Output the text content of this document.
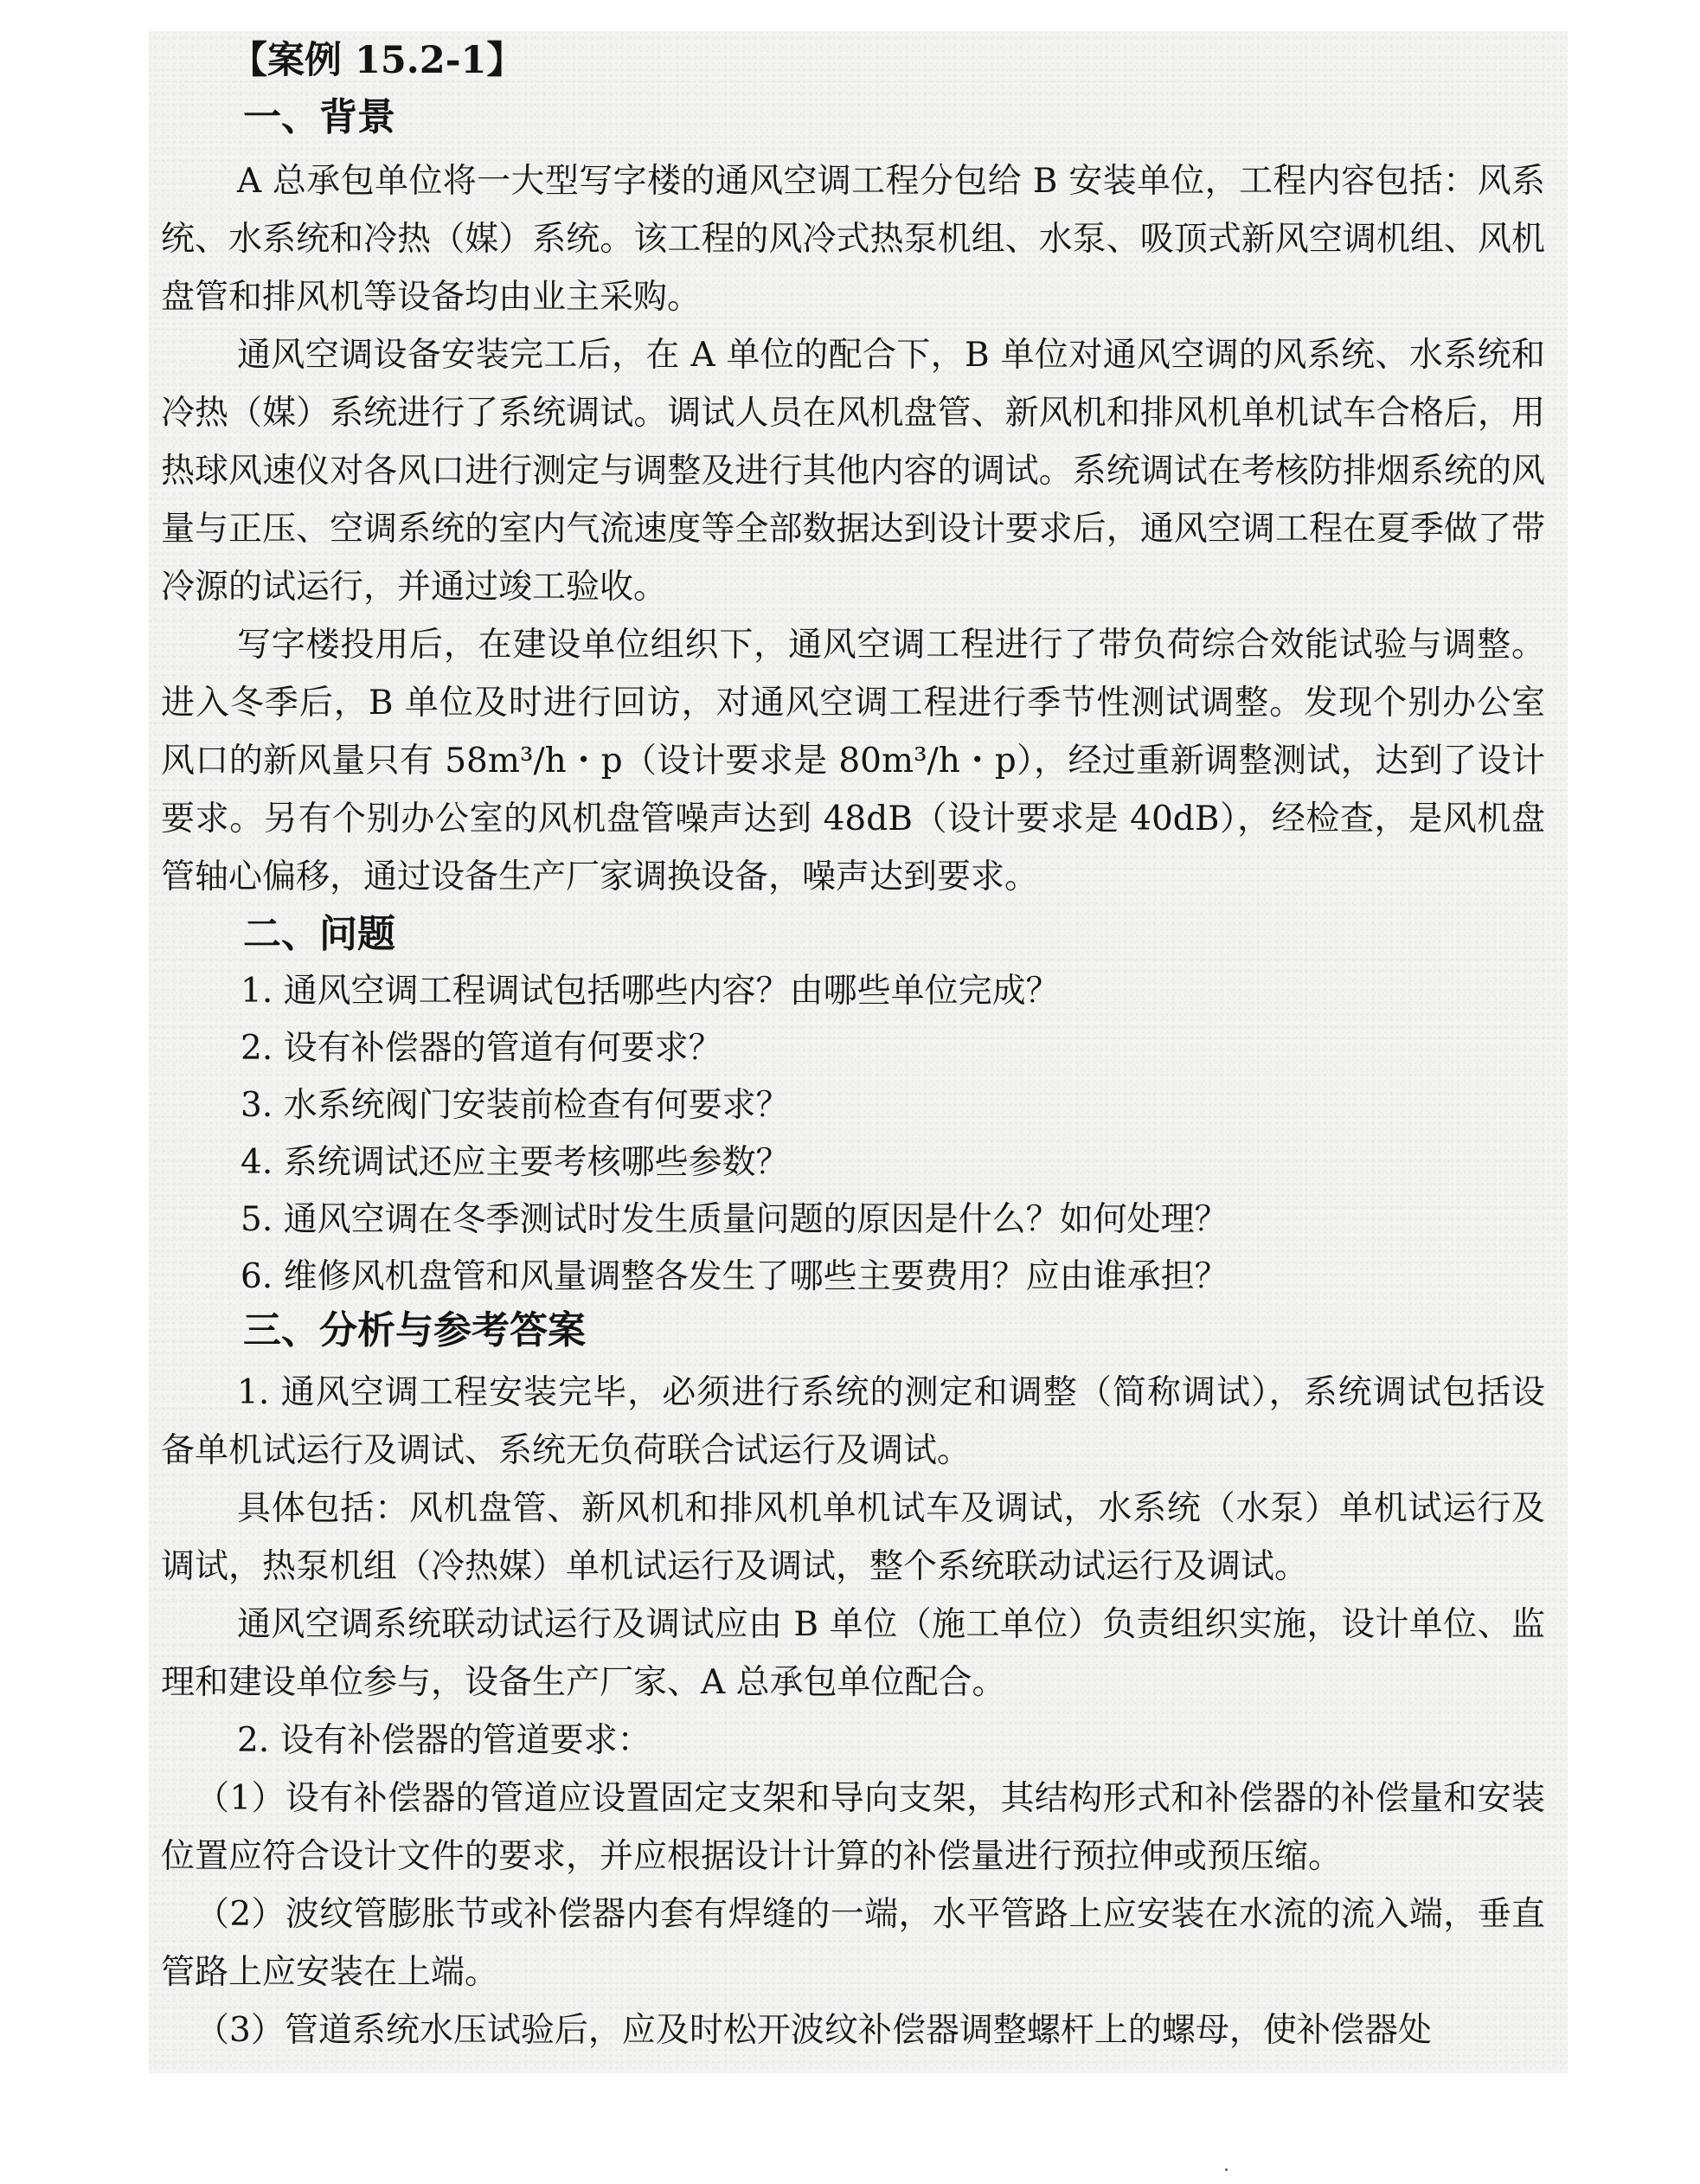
【案例 15.2-1】
一、背景

A 总承包单位将一大型写字楼的通风空调工程分包给 B 安装单位，工程内容包括：风系统、水系统和冷热（媒）系统。该工程的风冷式热泵机组、水泵、吸顶式新风空调机组、风机盘管和排风机等设备均由业主采购。

通风空调设备安装完工后，在 A 单位的配合下，B 单位对通风空调的风系统、水系统和冷热（媒）系统进行了系统调试。调试人员在风机盘管、新风机和排风机单机试车合格后，用热球风速仪对各风口进行测定与调整及进行其他内容的调试。系统调试在考核防排烟系统的风量与正压、空调系统的室内气流速度等全部数据达到设计要求后，通风空调工程在夏季做了带冷源的试运行，并通过竣工验收。

写字楼投用后，在建设单位组织下，通风空调工程进行了带负荷综合效能试验与调整。进入冬季后，B 单位及时进行回访，对通风空调工程进行季节性测试调整。发现个别办公室风口的新风量只有 58m³/h・p（设计要求是 80m³/h・p），经过重新调整测试，达到了设计要求。另有个别办公室的风机盘管噪声达到 48dB（设计要求是 40dB），经检查，是风机盘管轴心偏移，通过设备生产厂家调换设备，噪声达到要求。

二、问题

1. 通风空调工程调试包括哪些内容？由哪些单位完成？

2. 设有补偿器的管道有何要求？

3. 水系统阀门安装前检查有何要求？

4. 系统调试还应主要考核哪些参数？

5. 通风空调在冬季测试时发生质量问题的原因是什么？如何处理？

6. 维修风机盘管和风量调整各发生了哪些主要费用？应由谁承担？

三、分析与参考答案

1. 通风空调工程安装完毕，必须进行系统的测定和调整（简称调试），系统调试包括设备单机试运行及调试、系统无负荷联合试运行及调试。

具体包括：风机盘管、新风机和排风机单机试车及调试，水系统（水泵）单机试运行及调试，热泵机组（冷热媒）单机试运行及调试，整个系统联动试运行及调试。

通风空调系统联动试运行及调试应由 B 单位（施工单位）负责组织实施，设计单位、监理和建设单位参与，设备生产厂家、A 总承包单位配合。

2. 设有补偿器的管道要求：

（1）设有补偿器的管道应设置固定支架和导向支架，其结构形式和补偿器的补偿量和安装位置应符合设计文件的要求，并应根据设计计算的补偿量进行预拉伸或预压缩。

（2）波纹管膨胀节或补偿器内套有焊缝的一端，水平管路上应安装在水流的流入端，垂直管路上应安装在上端。

（3）管道系统水压试验后，应及时松开波纹补偿器调整螺杆上的螺母，使补偿器处
